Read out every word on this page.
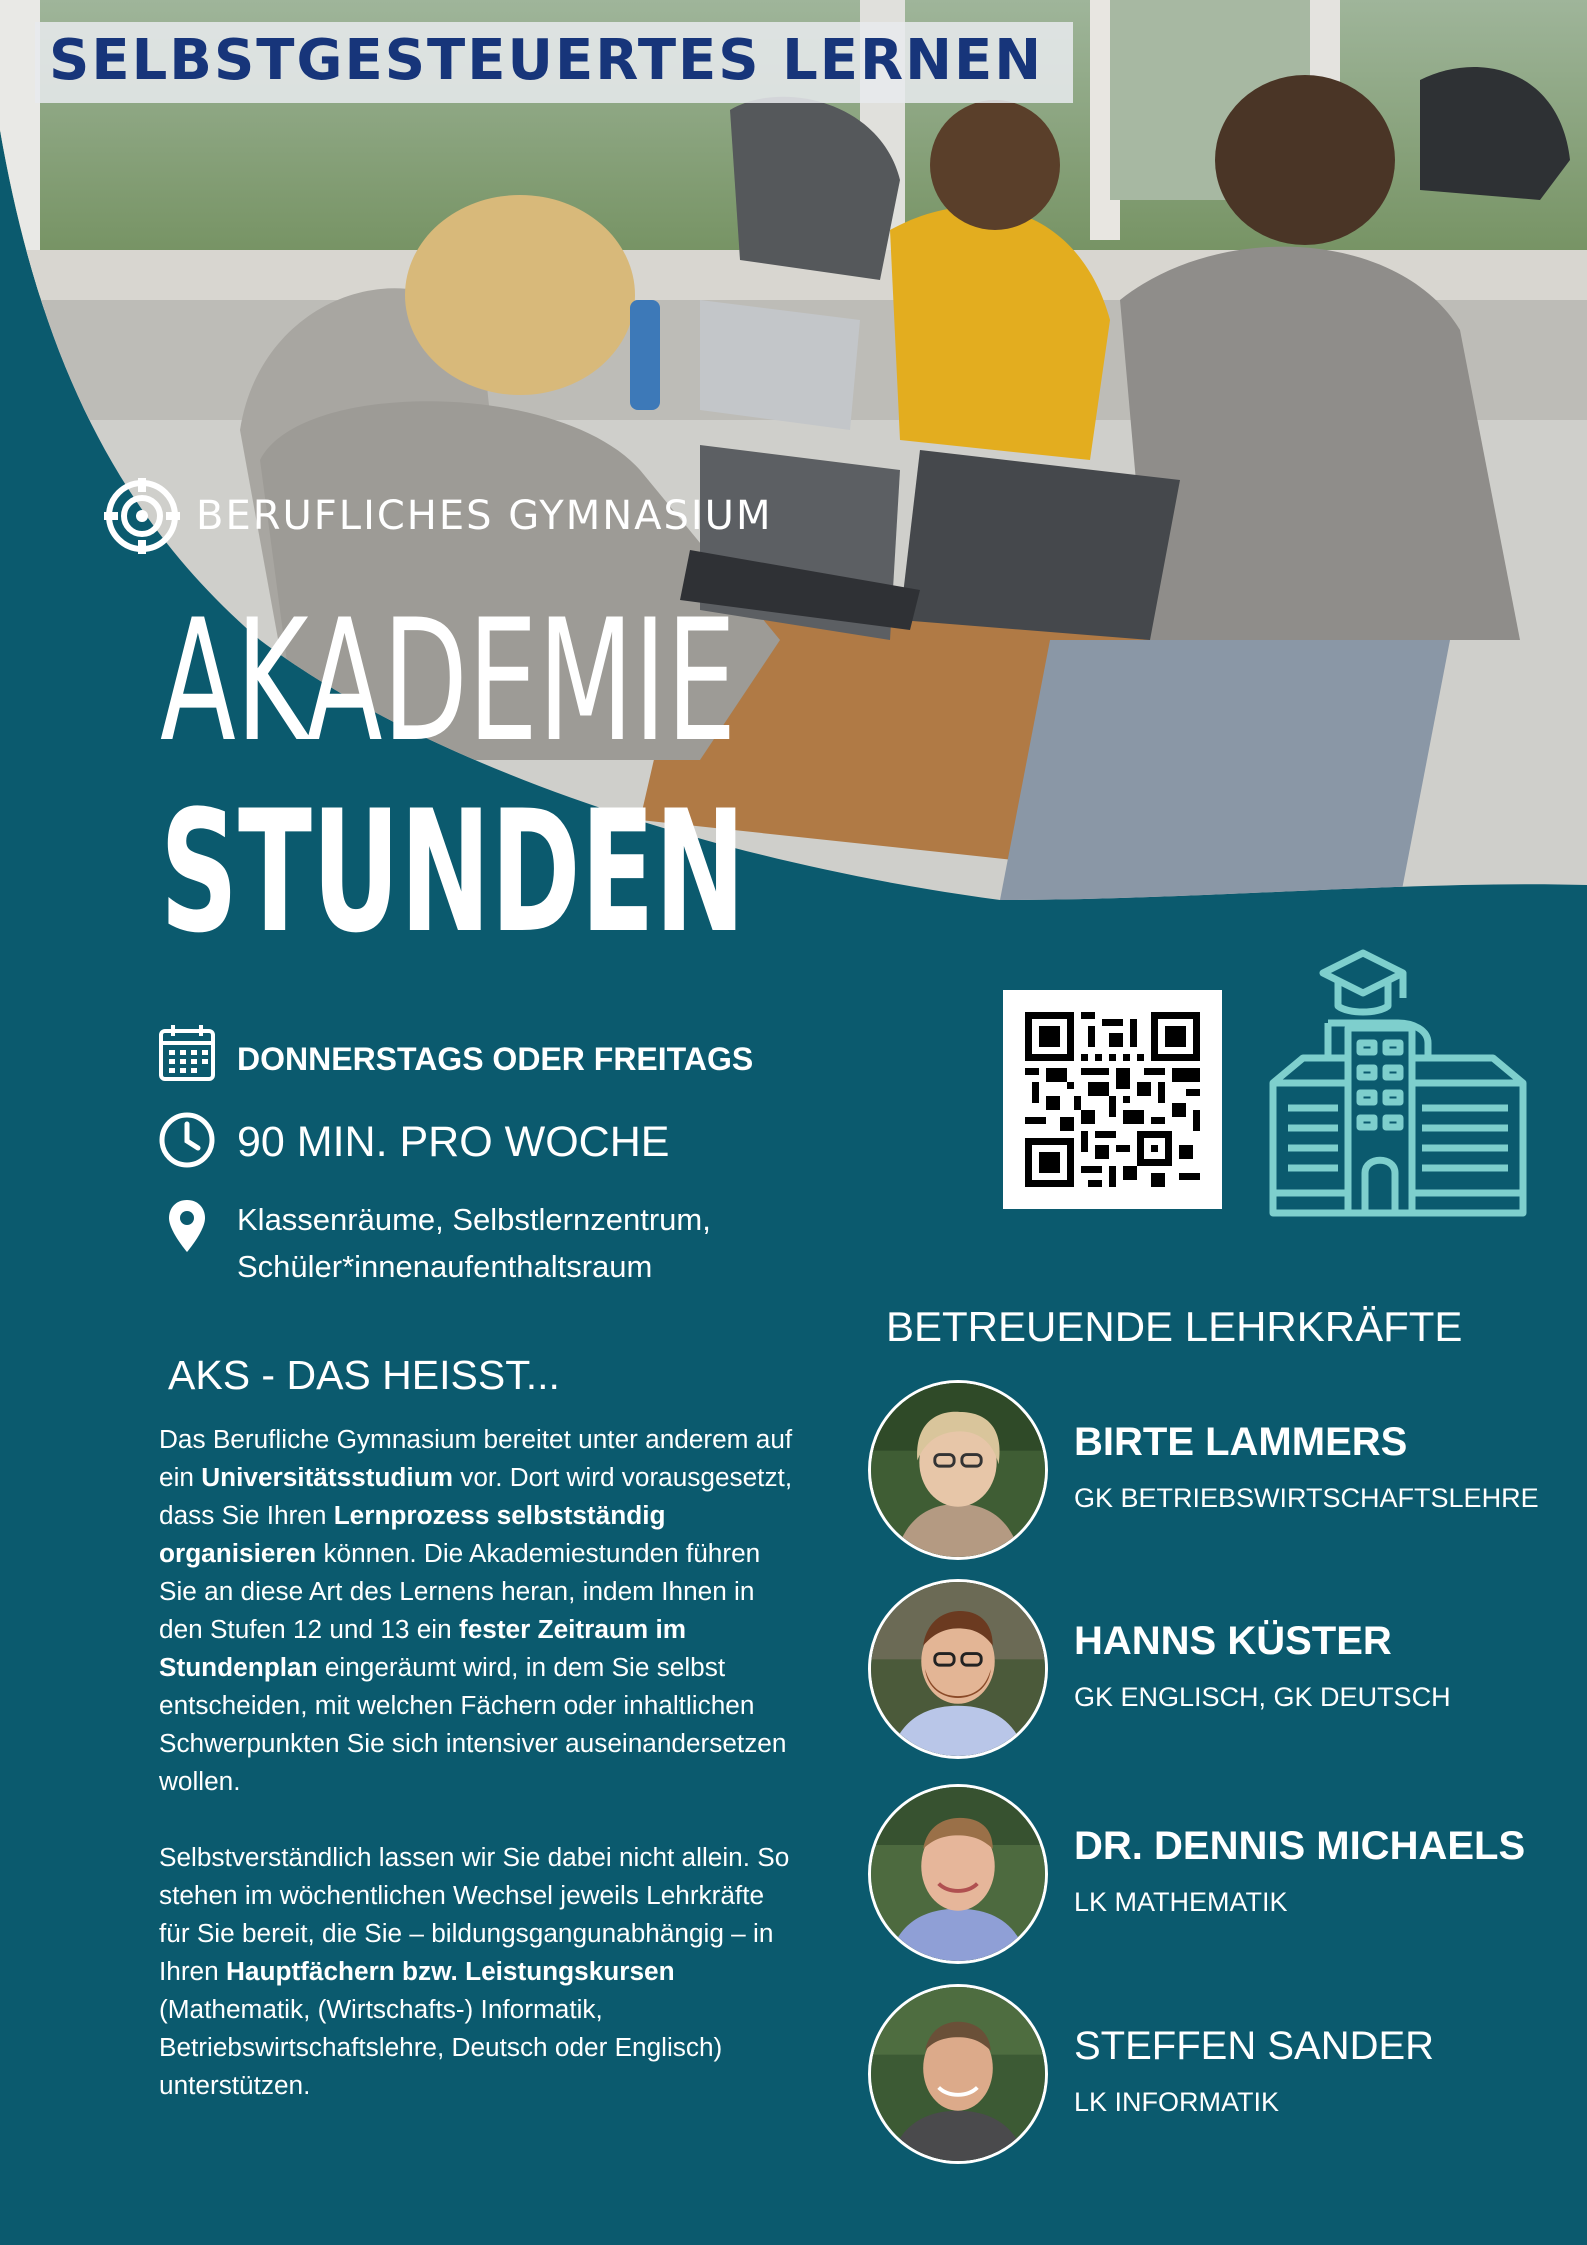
SELBSTGESTEUERTES LERNEN
BERUFLICHES GYMNASIUM
AKADEMIE
STUNDEN
DONNERSTAGS ODER FREITAGS
90 MIN. PRO WOCHE
Klassenräume, Selbstlernzentrum,
Schüler*innenaufenthaltsraum
AKS - DAS HEISST...

Das Berufliche Gymnasium bereitet unter anderem auf ein Universitätsstudium vor. Dort wird vorausgesetzt, dass Sie Ihren Lernprozess selbstständig organisieren können. Die Akademiestunden führen Sie an diese Art des Lernens heran, indem Ihnen in den Stufen 12 und 13 ein fester Zeitraum im Stundenplan eingeräumt wird, in dem Sie selbst entscheiden, mit welchen Fächern oder inhaltlichen Schwerpunkten Sie sich intensiver auseinandersetzen wollen.

Selbstverständlich lassen wir Sie dabei nicht allein. So stehen im wöchentlichen Wechsel jeweils Lehrkräfte für Sie bereit, die Sie – bildungsgangunabhängig – in Ihren Hauptfächern bzw. Leistungskursen (Mathematik, (Wirtschafts-) Informatik, Betriebswirtschaftslehre, Deutsch oder Englisch) unterstützen.

BETREUENDE LEHRKRÄFTE
BIRTE LAMMERS
GK BETRIEBSWIRTSCHAFTSLEHRE
HANNS KÜSTER
GK ENGLISCH, GK DEUTSCH
DR. DENNIS MICHAELS
LK MATHEMATIK
STEFFEN SANDER
LK INFORMATIK
